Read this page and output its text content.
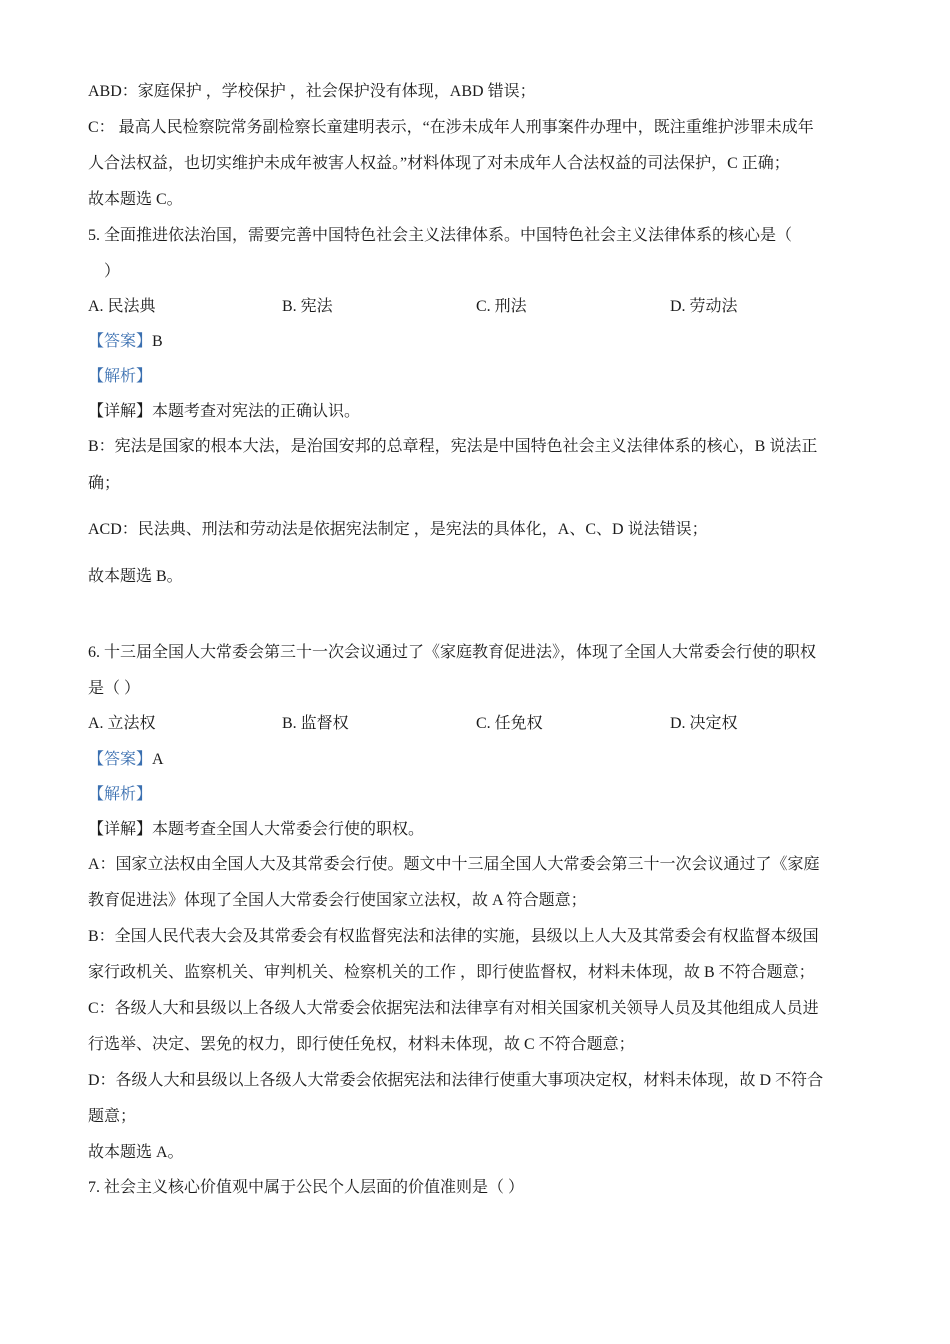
ABD：家庭保护 ，学校保护 ，社会保护没有体现，ABD 错误；
C： 最高人民检察院常务副检察长童建明表示，“在涉未成年人刑事案件办理中，既注重维护涉罪未成年
人合法权益，也切实维护未成年被害人权益。”材料体现了对未成年人合法权益的司法保护，C 正确；
故本题选 C。
5. 全面推进依法治国，需要完善中国特色社会主义法律体系。中国特色社会主义法律体系的核心是（
）
A. 民法典	B. 宪法	C. 刑法	D. 劳动法
【答案】B
【解析】
【详解】本题考查对宪法的正确认识。
B：宪法是国家的根本大法，是治国安邦的总章程，宪法是中国特色社会主义法律体系的核心，B 说法正
确；
ACD：民法典、刑法和劳动法是依据宪法制定 ，是宪法的具体化，A、C、D 说法错误；
故本题选 B。
6. 十三届全国人大常委会第三十一次会议通过了《家庭教育促进法》，体现了全国人大常委会行使的职权
是（ ）
A. 立法权	B. 监督权	C. 任免权	D. 决定权
【答案】A
【解析】
【详解】本题考查全国人大常委会行使的职权。
A：国家立法权由全国人大及其常委会行使。题文中十三届全国人大常委会第三十一次会议通过了《家庭
教育促进法》体现了全国人大常委会行使国家立法权，故 A 符合题意；
B：全国人民代表大会及其常委会有权监督宪法和法律的实施，县级以上人大及其常委会有权监督本级国
家行政机关、监察机关、审判机关、检察机关的工作 ，即行使监督权，材料未体现，故 B 不符合题意；
C：各级人大和县级以上各级人大常委会依据宪法和法律享有对相关国家机关领导人员及其他组成人员进
行选举、决定、罢免的权力，即行使任免权，材料未体现，故 C 不符合题意；
D：各级人大和县级以上各级人大常委会依据宪法和法律行使重大事项决定权，材料未体现，故 D 不符合
题意；
故本题选 A。
7. 社会主义核心价值观中属于公民个人层面的价值准则是（ ）
